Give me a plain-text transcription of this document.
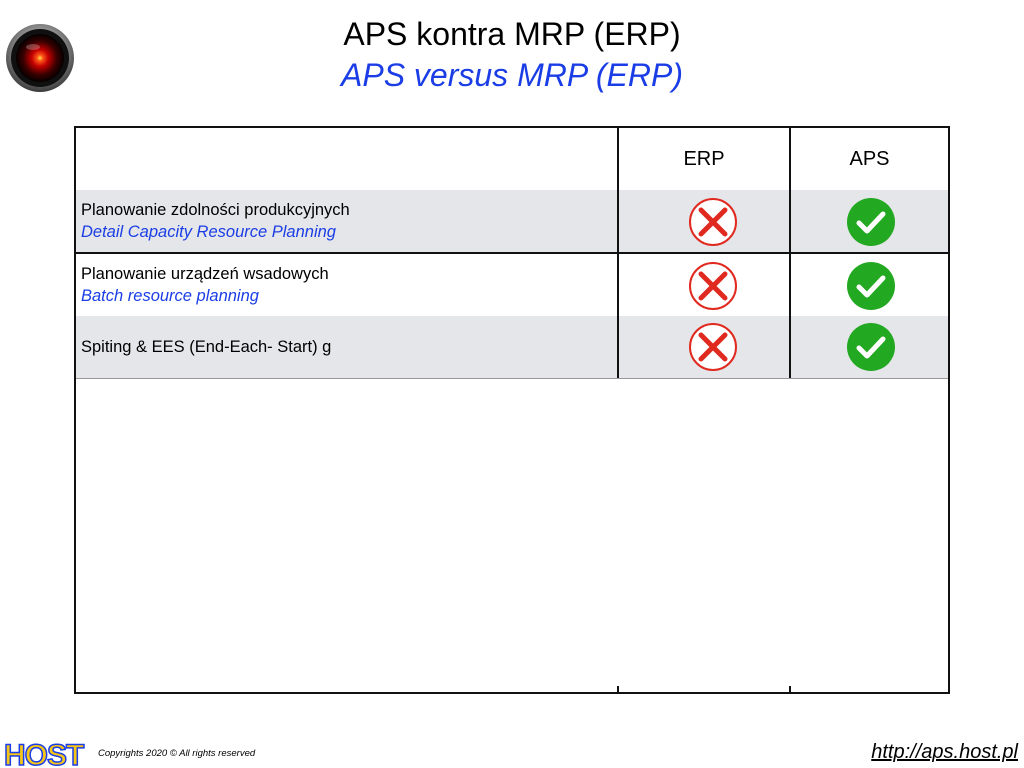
APS kontra MRP (ERP)
APS versus MRP (ERP)
ERP	APS
Planowanie zdolności produkcyjnych
Detail Capacity Resource Planning
Planowanie urządzeń wsadowych
Batch resource planning
Spiting & EES (End-Each- Start) g
HOST Copyrights 2020 © All rights reserved	http://aps.host.pl
